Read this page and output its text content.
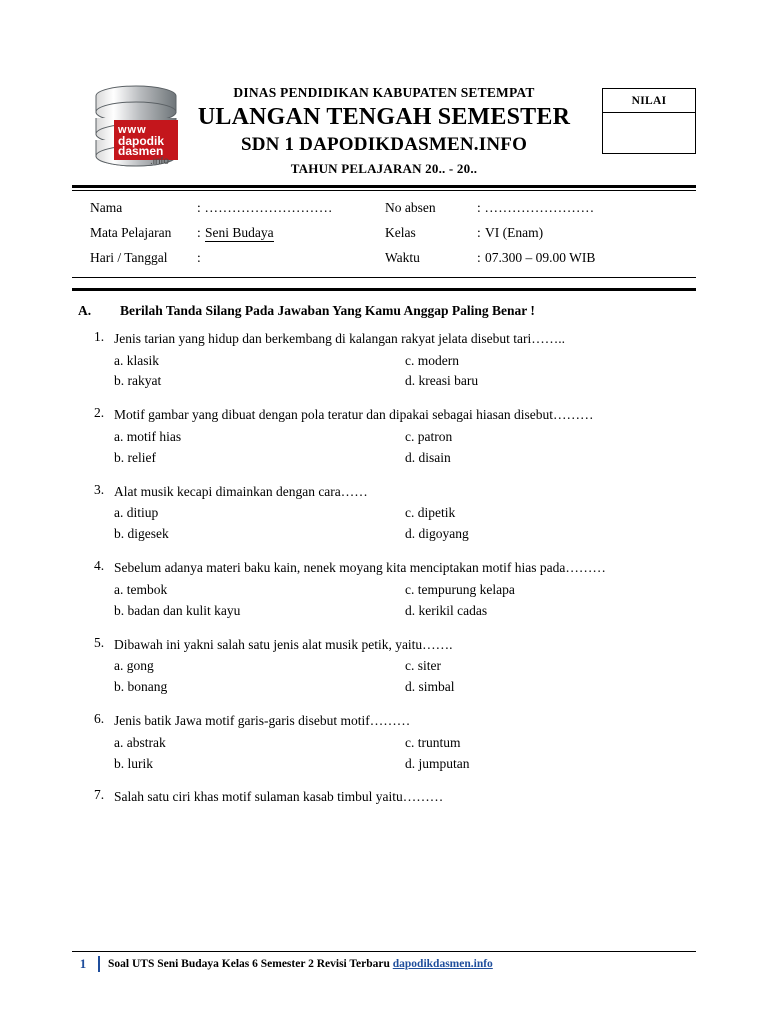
www
dapodik
dasmen
.info
DINAS PENDIDIKAN KABUPATEN SETEMPAT
ULANGAN TENGAH SEMESTER
SDN 1 DAPODIKDASMEN.INFO
TAHUN PELAJARAN 20.. - 20..
NILAI
Nama	: ............................	No absen	: ........................
Mata Pelajaran	: Seni Budaya	Kelas	: VI (Enam)
Hari / Tanggal	:	Waktu	: 07.300 – 09.00 WIB
A.	Berilah Tanda Silang Pada Jawaban Yang Kamu Anggap Paling Benar !
1. Jenis tarian yang hidup dan berkembang di kalangan rakyat jelata disebut tari……..
a. klasik
b. rakyat
c. modern
d. kreasi baru
2. Motif gambar yang dibuat dengan pola teratur dan dipakai sebagai hiasan disebut………
a. motif hias
b. relief
c. patron
d. disain
3. Alat musik kecapi dimainkan dengan cara……
a. ditiup
b. digesek
c. dipetik
d. digoyang
4. Sebelum adanya materi baku kain, nenek moyang kita menciptakan motif hias pada………
a. tembok
b. badan dan kulit kayu
c. tempurung kelapa
d. kerikil cadas
5. Dibawah ini yakni salah satu jenis alat musik petik, yaitu…….
a. gong
b. bonang
c. siter
d. simbal
6. Jenis batik Jawa motif garis-garis disebut motif………
a. abstrak
b. lurik
c. truntum
d. jumputan
7. Salah satu ciri khas motif sulaman kasab timbul yaitu………
1	Soal UTS Seni Budaya Kelas 6 Semester 2 Revisi Terbaru dapodikdasmen.info
